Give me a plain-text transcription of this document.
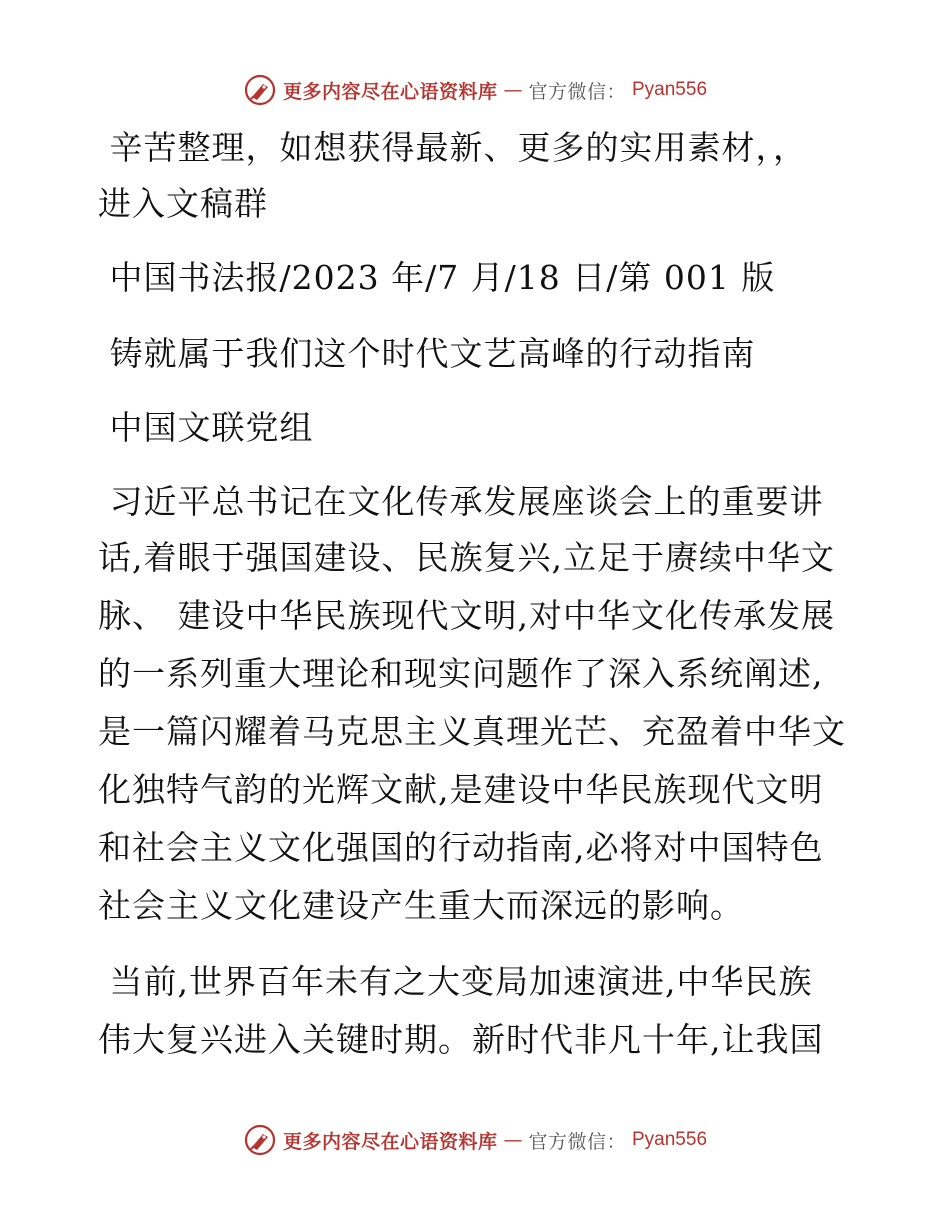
更多内容尽在心语资料库 — 官方微信： Pyan556
辛苦整理，如想获得最新、更多的实用素材，，
进入文稿群
中国书法报/2023 年/7 月/18 日/第 001 版
铸就属于我们这个时代文艺高峰的行动指南
中国文联党组
习近平总书记在文化传承发展座谈会上的重要讲
话,着眼于强国建设、民族复兴,立足于赓续中华文
脉、 建设中华民族现代文明,对中华文化传承发展
的一系列重大理论和现实问题作了深入系统阐述,
是一篇闪耀着马克思主义真理光芒、充盈着中华文
化独特气韵的光辉文献,是建设中华民族现代文明
和社会主义文化强国的行动指南,必将对中国特色
社会主义文化建设产生重大而深远的影响。
当前,世界百年未有之大变局加速演进,中华民族
伟大复兴进入关键时期。新时代非凡十年,让我国
更多内容尽在心语资料库 — 官方微信： Pyan556
